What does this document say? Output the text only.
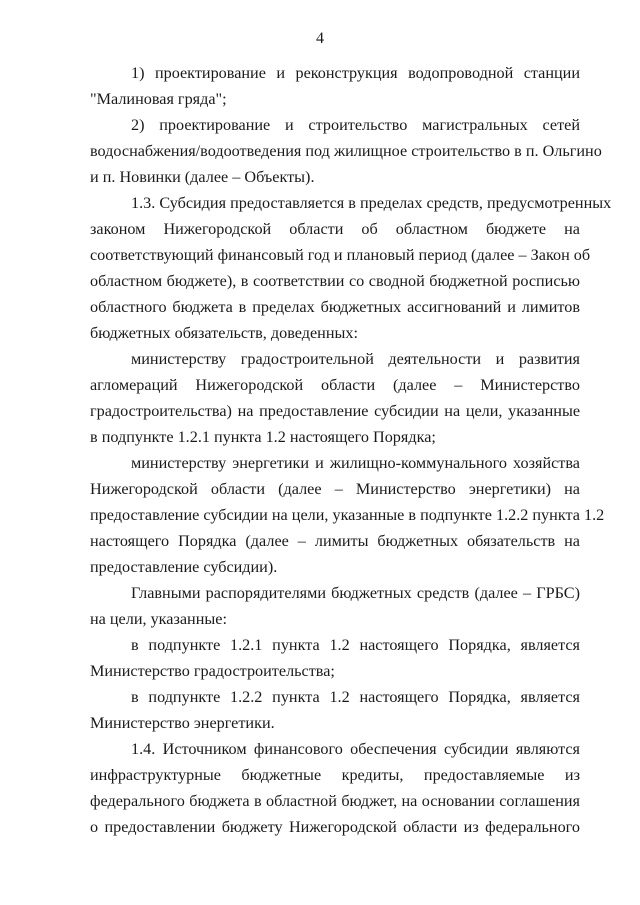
4
1) проектирование и реконструкция водопроводной станции
"Малиновая гряда";
2) проектирование и строительство магистральных сетей
водоснабжения/водоотведения под жилищное строительство в п. Ольгино
и п. Новинки (далее – Объекты).
1.3. Субсидия предоставляется в пределах средств, предусмотренных
законом Нижегородской области об областном бюджете на
соответствующий финансовый год и плановый период (далее – Закон об
областном бюджете), в соответствии со сводной бюджетной росписью
областного бюджета в пределах бюджетных ассигнований и лимитов
бюджетных обязательств, доведенных:
министерству градостроительной деятельности и развития
агломераций Нижегородской области (далее – Министерство
градостроительства) на предоставление субсидии на цели, указанные
в подпункте 1.2.1 пункта 1.2 настоящего Порядка;
министерству энергетики и жилищно-коммунального хозяйства
Нижегородской области (далее – Министерство энергетики) на
предоставление субсидии на цели, указанные в подпункте 1.2.2 пункта 1.2
настоящего Порядка (далее – лимиты бюджетных обязательств на
предоставление субсидии).
Главными распорядителями бюджетных средств (далее – ГРБС)
на цели, указанные:
в подпункте 1.2.1 пункта 1.2 настоящего Порядка, является
Министерство градостроительства;
в подпункте 1.2.2 пункта 1.2 настоящего Порядка, является
Министерство энергетики.
1.4. Источником финансового обеспечения субсидии являются
инфраструктурные бюджетные кредиты, предоставляемые из
федерального бюджета в областной бюджет, на основании соглашения
о предоставлении бюджету Нижегородской области из федерального
